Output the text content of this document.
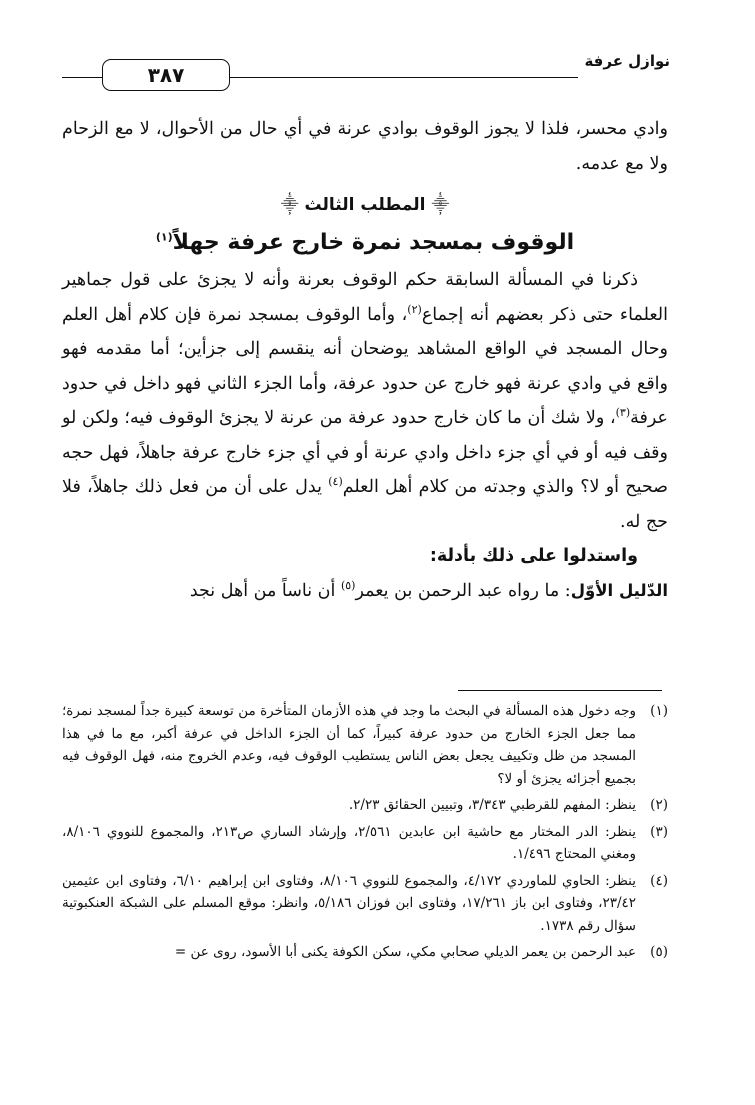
نوازل عرفة
٣٨٧

وادي محسر، فلذا لا يجوز الوقوف بوادي عرنة في أي حال من الأحوال، لا مع الزحام ولا مع عدمه.

⸎المطلب الثالث⸎
الوقوف بمسجد نمرة خارج عرفة جهلاً$^{(١)}$

ذكرنا في المسألة السابقة حكم الوقوف بعرنة وأنه لا يجزئ على قول جماهير العلماء حتى ذكر بعضهم أنه إجماع$^{(٢)}$، وأما الوقوف بمسجد نمرة فإن كلام أهل العلم وحال المسجد في الواقع المشاهد يوضحان أنه ينقسم إلى جزأين؛ أما مقدمه فهو واقع في وادي عرنة فهو خارج عن حدود عرفة، وأما الجزء الثاني فهو داخل في حدود عرفة$^{(٣)}$، ولا شك أن ما كان خارج حدود عرفة من عرنة لا يجزئ الوقوف فيه؛ ولكن لو وقف فيه أو في أي جزء داخل وادي عرنة أو في أي جزء خارج عرفة جاهلاً، فهل حجه صحيح أو لا؟ والذي وجدته من كلام أهل العلم$^{(٤)}$ يدل على أن من فعل ذلك جاهلاً، فلا حج له.

واستدلوا على ذلك بأدلة:

الدّليل الأوّل: ما رواه عبد الرحمن بن يعمر$^{(٥)}$ أن ناساً من أهل نجد

(١)
وجه دخول هذه المسألة في البحث ما وجد في هذه الأزمان المتأخرة من توسعة كبيرة جداً لمسجد نمرة؛ مما جعل الجزء الخارج من حدود عرفة كبيراً، كما أن الجزء الداخل في عرفة أكبر، مع ما في هذا المسجد من ظل وتكييف يجعل بعض الناس يستطيب الوقوف فيه، وعدم الخروج منه، فهل الوقوف فيه بجميع أجزائه يجزئ أو لا؟
(٢)
ينظر: المفهم للقرطبي ٣/٣٤٣، وتبيين الحقائق ٢/٢٣.
(٣)
ينظر: الدر المختار مع حاشية ابن عابدين ٢/٥٦١، وإرشاد الساري ص٢١٣، والمجموع للنووي ٨/١٠٦، ومغني المحتاج ١/٤٩٦.
(٤)
ينظر: الحاوي للماوردي ٤/١٧٢، والمجموع للنووي ٨/١٠٦، وفتاوى ابن إبراهيم ٦/١٠، وفتاوى ابن عثيمين ٢٣/٤٢، وفتاوى ابن باز ١٧/٢٦١، وفتاوى ابن فوزان ٥/١٨٦، وانظر: موقع المسلم على الشبكة العنكبوتية سؤال رقم ١٧٣٨.
(٥)
عبد الرحمن بن يعمر الديلي صحابي مكي، سكن الكوفة يكنى أبا الأسود، روى عن =
